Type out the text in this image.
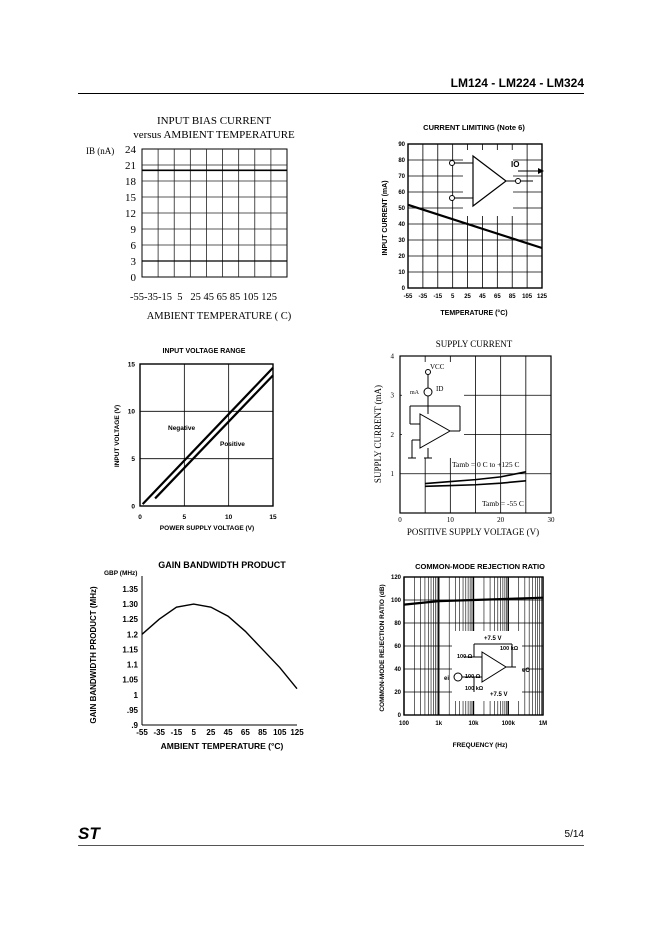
LM124 - LM224 - LM324
INPUT BIAS CURRENT
versus AMBIENT TEMPERATURE
IB (nA) 24
21
18
15
12
9
6
3
0
-55-35-15  5   25 45 65 85 105 125
AMBIENT TEMPERATURE ( C)
CURRENT LIMITING (Note 6)
INPUT CURRENT (mA)
90
80
70
60
50
40
30
20
10
0
-55 -35 -15 5 25 45 65 85 105 125
IO
TEMPERATURE (°C)
INPUT VOLTAGE RANGE
INPUT VOLTAGE (V)
15
10
5
0
0	5	10	15
Negative
Positive
POWER SUPPLY VOLTAGE (V)
SUPPLY CURRENT
SUPPLY CURRENT (mA)
4
3
2
1
0	10	20	30
VCC
mA ID
Tamb = 0 C to +125 C
Tamb = -55 C
POSITIVE SUPPLY VOLTAGE (V)
GAIN BANDWIDTH PRODUCT
GAIN BANDWIDTH PRODUCT (MHz)
GBP (MHz)
1.35
1.30
1.25
1.2
1.15
1.1
1.05
1
.95
.9
-55 -35 -15 5 25 45 65 85 105 125
AMBIENT TEMPERATURE (°C)
COMMON-MODE REJECTION RATIO
COMMON-MODE REJECTION RATIO (dB)
120
100
80
60
40
20
0
100	1k	10k	100k	1M
+7.5 V
100 kΩ
100 Ω
eO
ei	100 Ω
100 kΩ
+7.5 V
FREQUENCY (Hz)
ST	5/14
